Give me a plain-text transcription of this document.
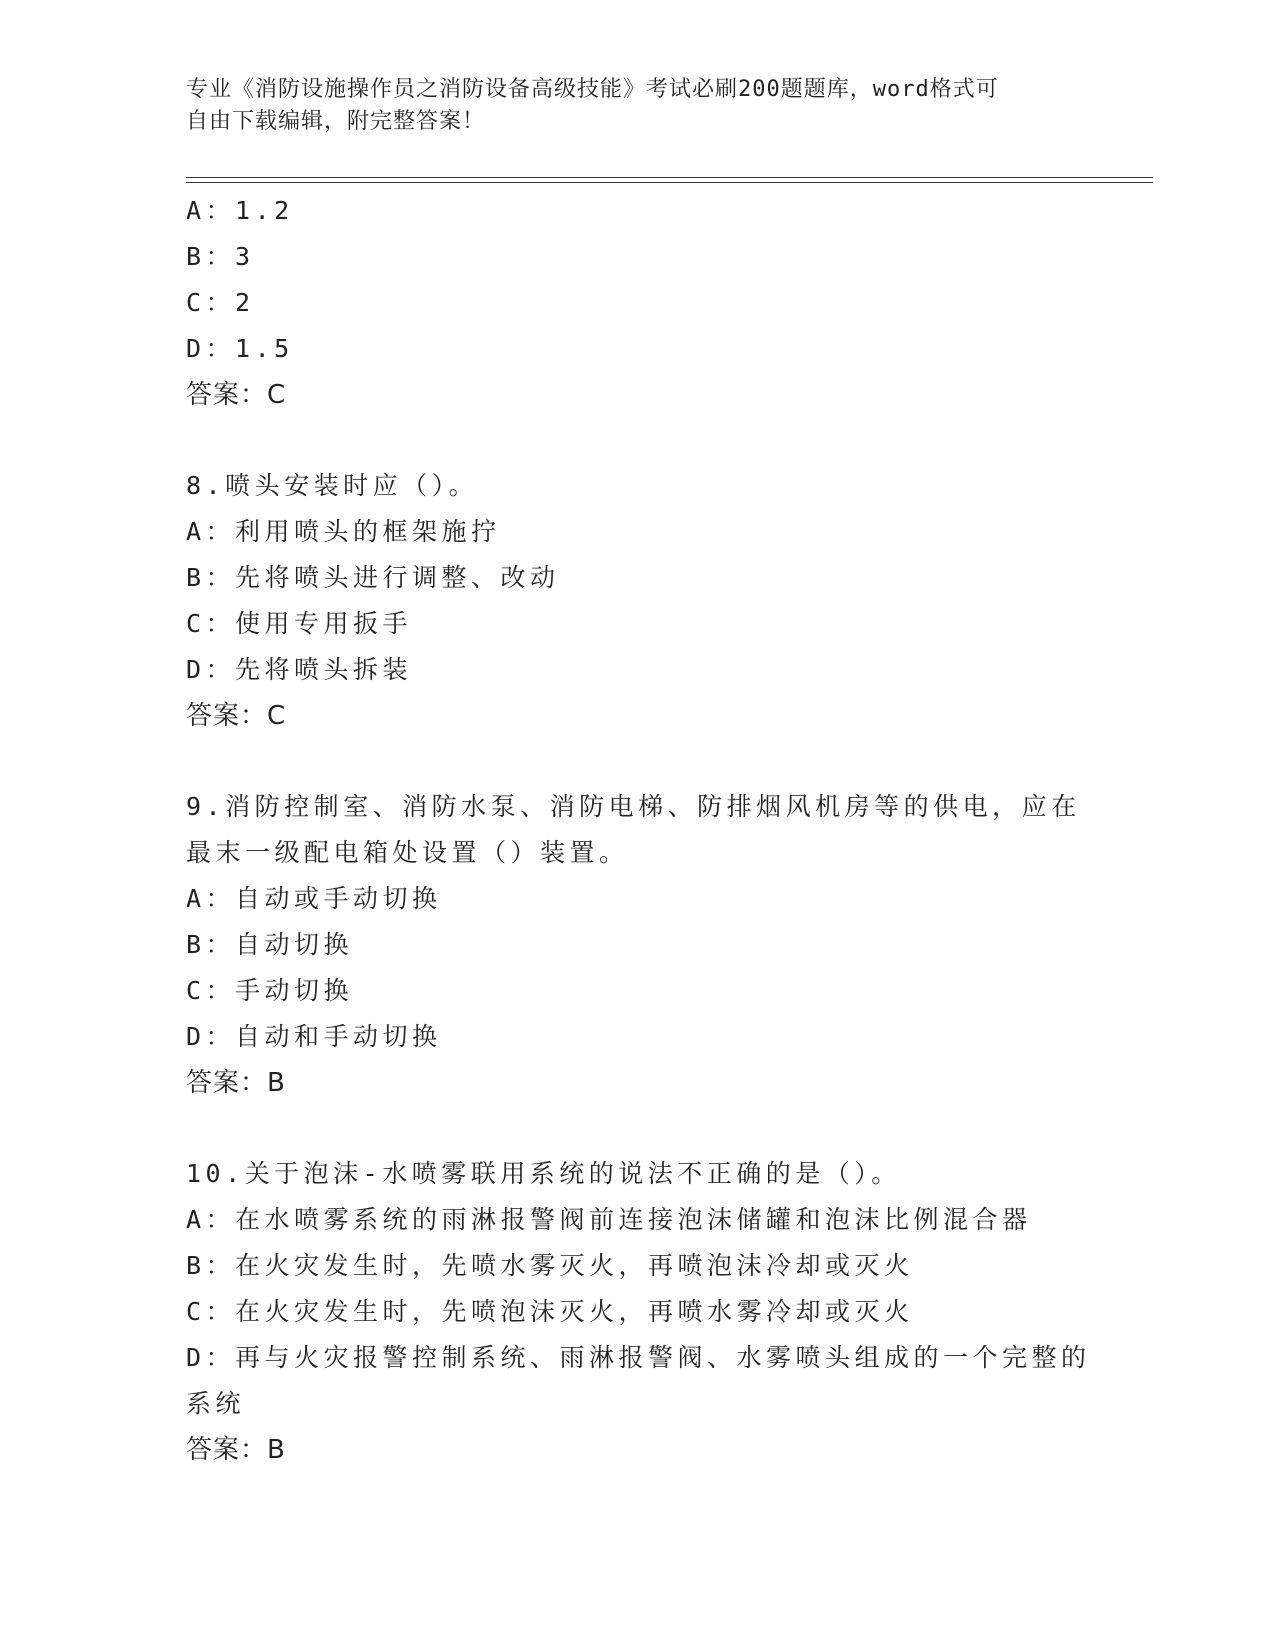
专业《消防设施操作员之消防设备高级技能》考试必刷200题题库，word格式可
自由下载编辑，附完整答案！
A：1.2
B：3
C：2
D：1.5
答案：C
8.喷头安装时应（）。
A：利用喷头的框架施拧
B：先将喷头进行调整、改动
C：使用专用扳手
D：先将喷头拆装
答案：C
9.消防控制室、消防水泵、消防电梯、防排烟风机房等的供电，应在
最末一级配电箱处设置（）装置。
A：自动或手动切换
B：自动切换
C：手动切换
D：自动和手动切换
答案：B
10.关于泡沫-水喷雾联用系统的说法不正确的是（）。
A：在水喷雾系统的雨淋报警阀前连接泡沫储罐和泡沫比例混合器
B：在火灾发生时，先喷水雾灭火，再喷泡沫冷却或灭火
C：在火灾发生时，先喷泡沫灭火，再喷水雾冷却或灭火
D：再与火灾报警控制系统、雨淋报警阀、水雾喷头组成的一个完整的
系统
答案：B
